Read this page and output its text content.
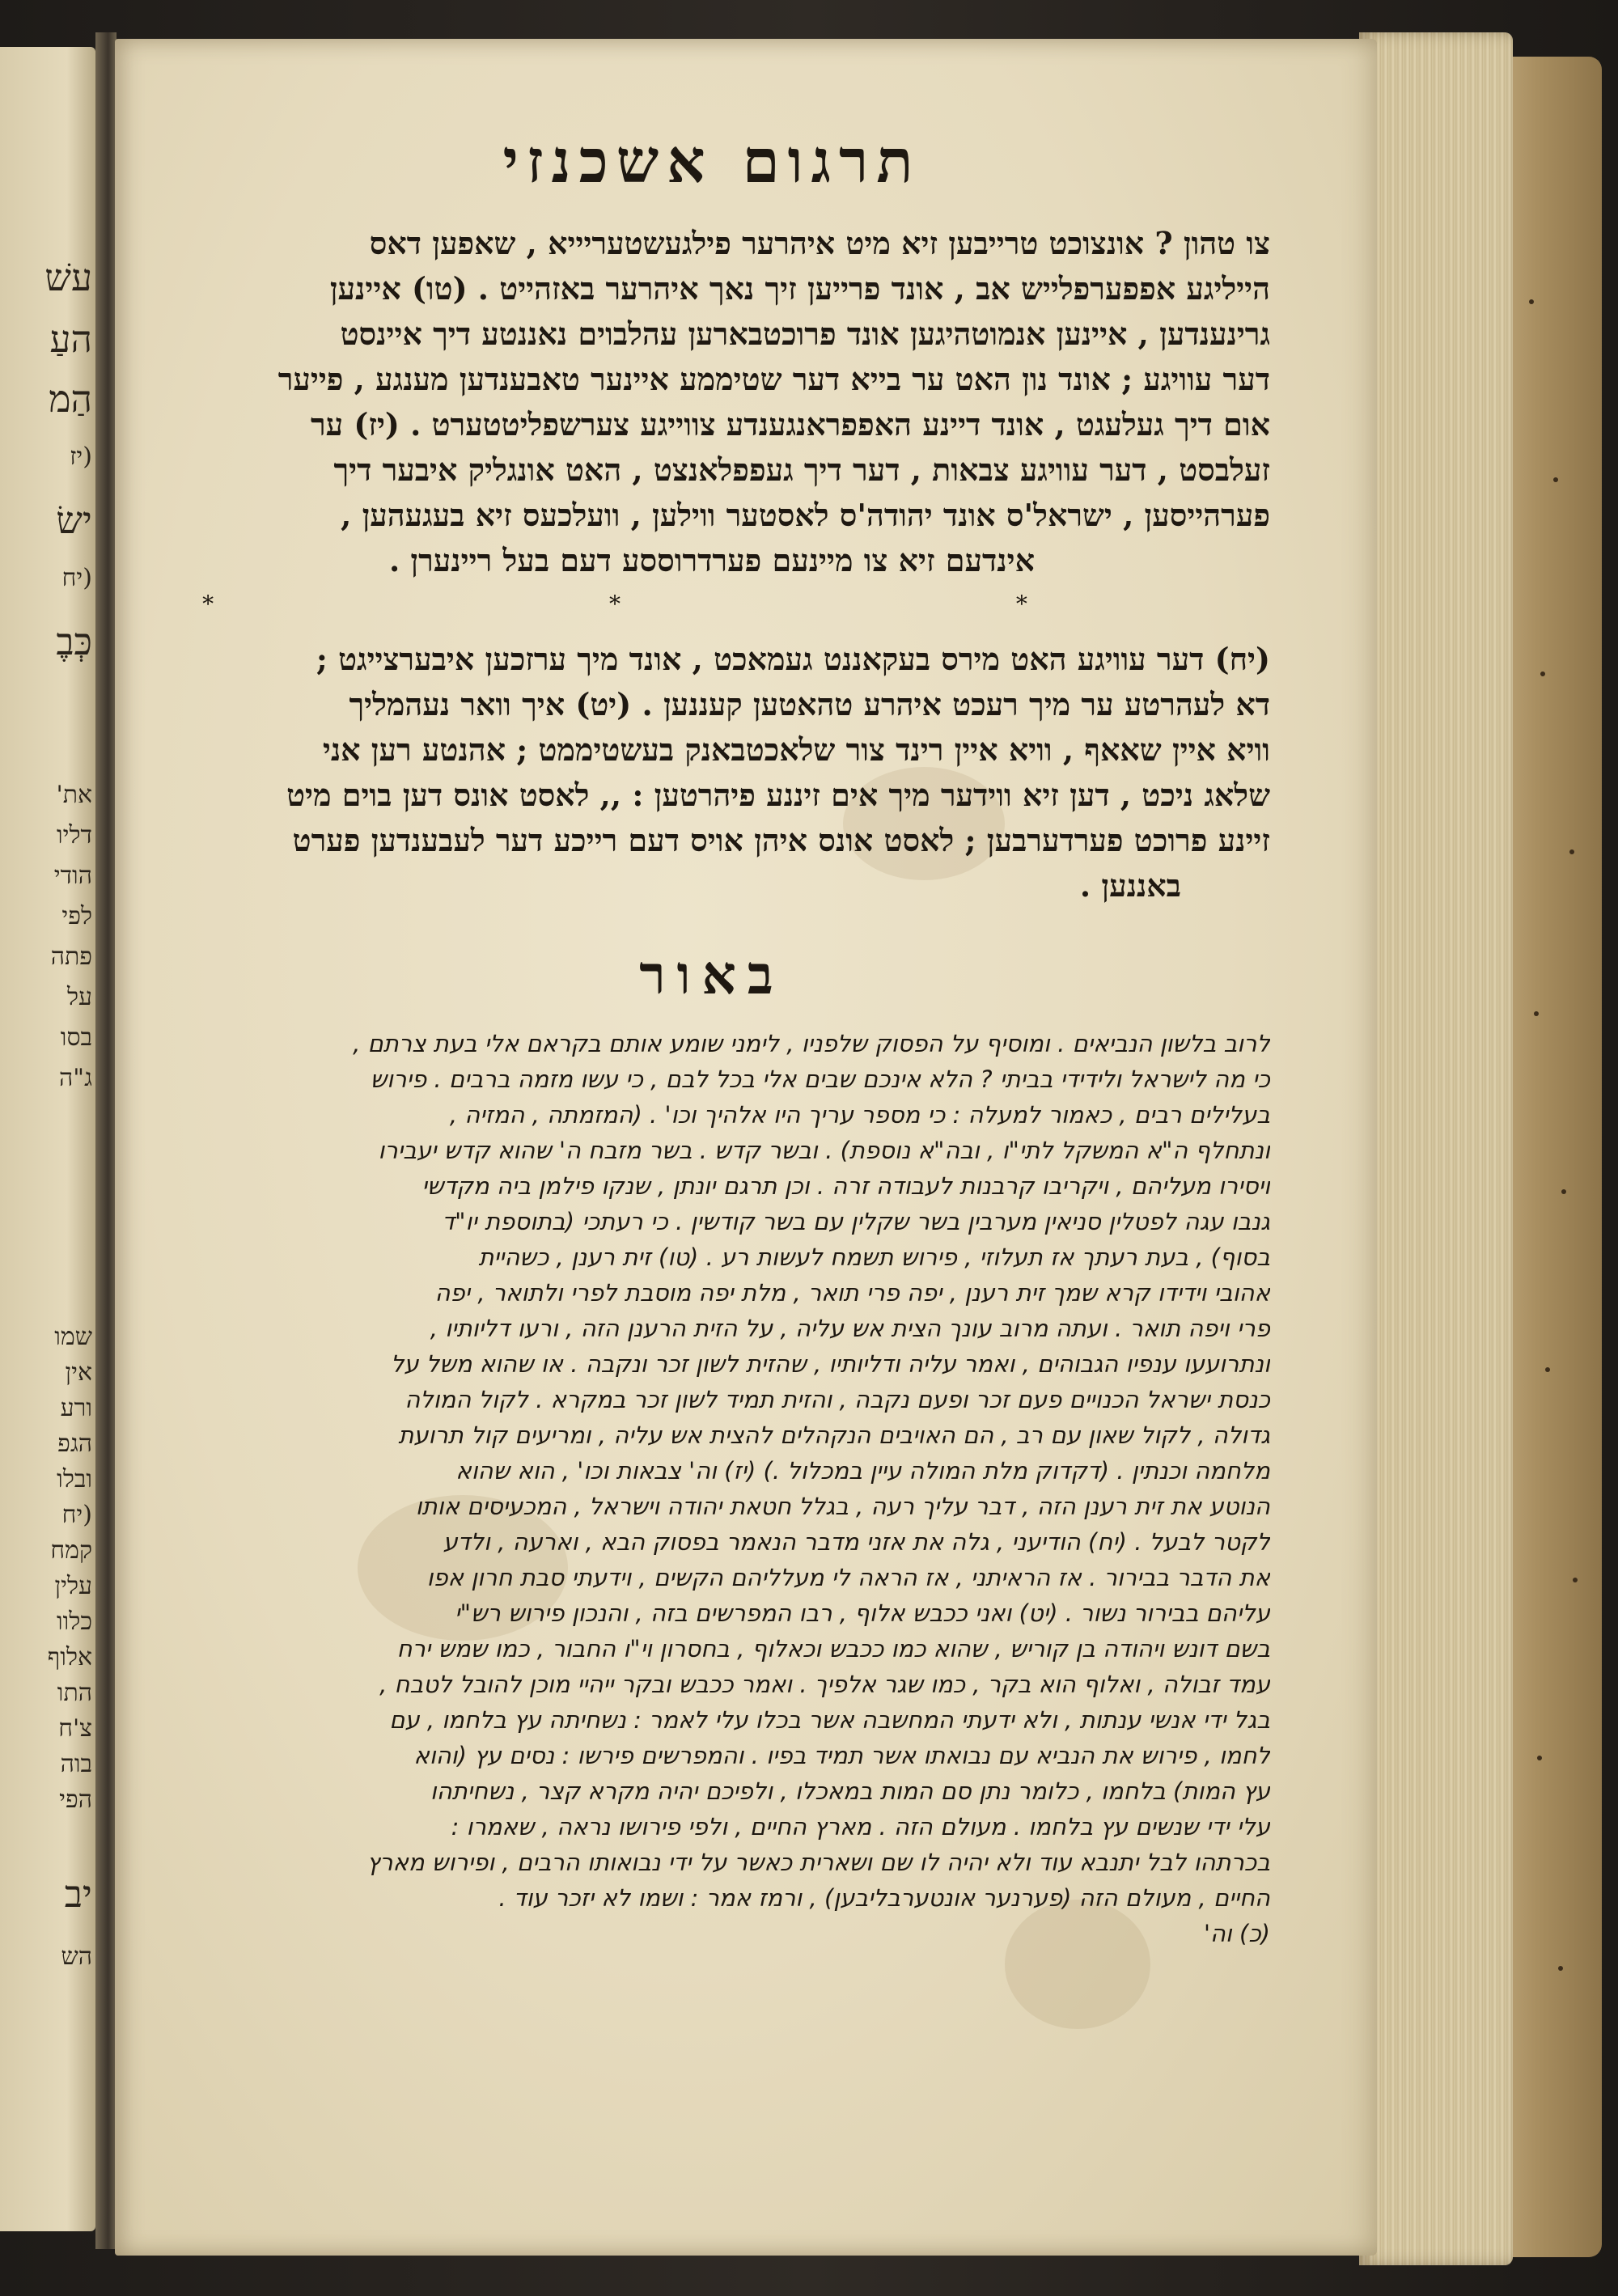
עשׁ
העַ
הַמ
(יז
ישׂ
(יח
כְּבֶ
את'
דליו
הודי
לפי
פתה
על
בסו
ג"ה
שמו
אין
ורע
הגפ
ובלו
(יח
קמח
עלין
כלוו
אלוף
התו
צ'ח
בוה
הפי
יב
הש
תרגום אשכנזי
צו טהון ? אונצוכט טרייבען זיא מיט איהרער פילגעשטעריייא , שאפען דאס
הייליגע אפפערפלייש אב , אונד פרייען זיך נאך איהרער באזהייט . (טו) איינען
גרינענדען , איינען אנמוטהיגען אונד פרוכטבארען עהלבוים נאננטע דיך איינסט
דער עוויגע ; אונד נון האט ער בייא דער שטיממע איינער טאבענדען מענגע , פייער
אום דיך געלעגט , אונד דיינע האפפראנגענדע צווייגע צערשפליטטערט . (יז) ער
זעלבסט , דער עוויגע צבאות , דער דיך געפפלאנצט , האט אונגליק איבער דיך
פערהייסען , ישראל'ס אונד יהודה'ס לאסטער ווילען , וועלכעס זיא בעגעהען ,
אינדעם זיא צו מיינעם פערדרוססע דעם בעל ריינערן .
* * *
(יח) דער עוויגע האט מירס בעקאננט געמאכט , אונד מיך ערזכען איבערצייגט ;
דא לעהרטע ער מיך רעכט איהרע טהאטען קעננען . (יט) איך וואר נעהמליך
וויא איין שאאף , וויא איין רינד צור שלאכטבאנק בעשטיממט ; אהנטע רען אני
שלאג ניכט , דען זיא ווידער מיך אים זיננע פיהרטען : ,, לאסט אונס דען בוים מיט
זיינע פרוכט פערדערבען ; לאסט אונס איהן אויס דעם רייכע דער לעבענדען פערט
באננען .
באור
לרוב בלשון הנביאים . ומוסיף על הפסוק שלפניו , לימני שומע אותם בקראם אלי בעת צרתם ,
כי מה לישראל ולידידי בביתי ? הלא אינכם שבים אלי בכל לבם , כי עשו מזמה ברבים . פירוש
בעלילים רבים , כאמור למעלה : כי מספר עריך היו אלהיך וכו' . (המזמתה , המזיה ,
ונתחלף ה"א המשקל לתי"ו , ובה"א נוספת) . ובשר קדש . בשר מזבח ה' שהוא קדש יעבירו
ויסירו מעליהם , ויקריבו קרבנות לעבודה זרה . וכן תרגם יונתן , שנקו פילמן ביה מקדשי
גנבו עגה לפטלין סניאין מערבין בשר שקלין עם בשר קודשין . כי רעתכי (בתוספת יו"ד
בסוף) , בעת רעתך אז תעלוזי , פירוש תשמח לעשות רע . (טו) זית רענן , כשהיית
אהובי וידידו קרא שמך זית רענן , יפה פרי תואר , מלת יפה מוסבת לפרי ולתואר , יפה
פרי ויפה תואר . ועתה מרוב עונך הצית אש עליה , על הזית הרענן הזה , ורעו דליותיו ,
ונתרועעו ענפיו הגבוהים , ואמר עליה ודליותיו , שהזית לשון זכר ונקבה . או שהוא משל על
כנסת ישראל הכנויים פעם זכר ופעם נקבה , והזית תמיד לשון זכר במקרא . לקול המולה
גדולה , לקול שאון עם רב , הם האויבים הנקהלים להצית אש עליה , ומריעים קול תרועת
מלחמה וכנתין . (דקדוק מלת המולה עיין במכלול .) (יז) וה' צבאות וכו' , הוא שהוא
הנוטע את זית רענן הזה , דבר עליך רעה , בגלל חטאת יהודה וישראל , המכעיסים אותו
לקטר לבעל . (יח) הודיעני , גלה את אזני מדבר הנאמר בפסוק הבא , וארעה , ולדע
את הדבר בבירור . אז הראיתני , אז הראה לי מעלליהם הקשים , וידעתי סבת חרון אפו
עליהם בבירור נשור . (יט) ואני ככבש אלוף , רבו המפרשים בזה , והנכון פירוש רש"י
בשם דונש ויהודה בן קוריש , שהוא כמו ככבש וכאלוף , בחסרון וי"ו החבור , כמו שמש ירח
עמד זבולה , ואלוף הוא בקר , כמו שגר אלפיך . ואמר ככבש ובקר ייהיי מוכן להובל לטבח ,
בגל ידי אנשי ענתות , ולא ידעתי המחשבה אשר בכלו עלי לאמר : נשחיתה עץ בלחמו , עם
לחמו , פירוש את הנביא עם נבואתו אשר תמיד בפיו . והמפרשים פירשו : נסים עץ (והוא
עץ המות) בלחמו , כלומר נתן סם המות במאכלו , ולפיכם יהיה מקרא קצר , נשחיתהו
עלי ידי שנשים עץ בלחמו . מעולם הזה . מארץ החיים , ולפי פירושו נראה , שאמרו :
בכרתהו לבל יתנבא עוד ולא יהיה לו שם ושארית כאשר על ידי נבואותו הרבים , ופירוש מארץ
החיים , מעולם הזה (פערנער אונטערבליבען) , ורמז אמר : ושמו לא יזכר עוד .
(כ) וה'
